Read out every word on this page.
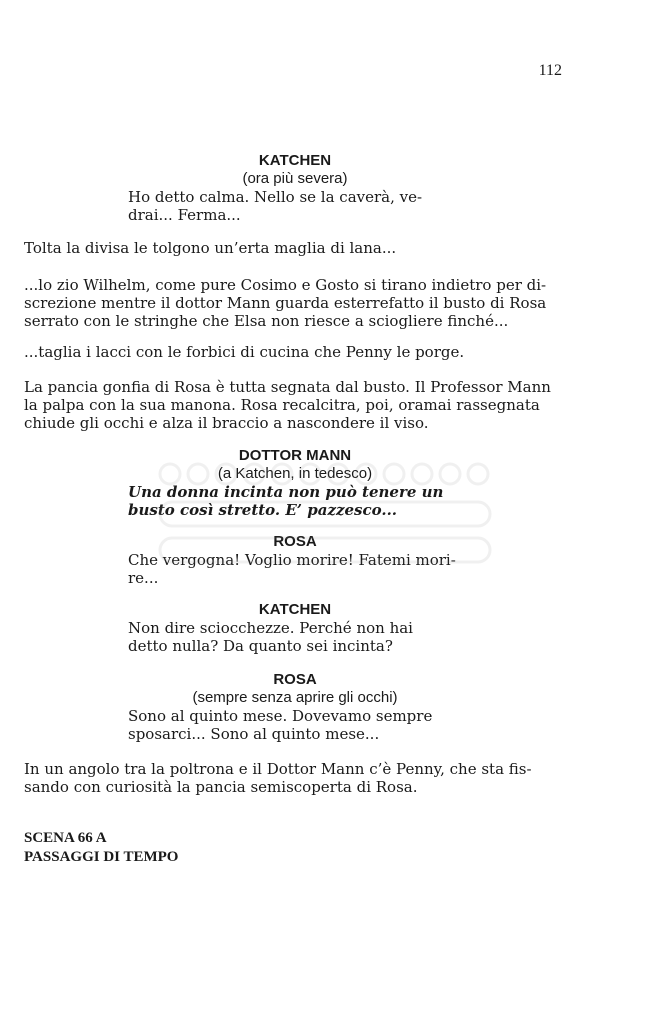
112

KATCHEN

(ora più severa)

Ho detto calma. Nello se la caverà, ve-

drai... Ferma...

Tolta la divisa le tolgono un’erta maglia di lana...

...lo zio Wilhelm, come pure Cosimo e Gosto si tirano indietro per di-

screzione mentre il dottor Mann guarda esterrefatto il busto di Rosa

serrato con le stringhe che Elsa non riesce a sciogliere finché...

...taglia i lacci con le forbici di cucina che Penny le porge.

La pancia gonfia di Rosa è tutta segnata dal busto. Il Professor Mann

la palpa con la sua manona. Rosa recalcitra, poi, oramai rassegnata

chiude gli occhi e alza il braccio a nascondere il viso.

DOTTOR MANN

(a Katchen, in tedesco)

Una donna incinta non può tenere un

busto così stretto. E’ pazzesco...

ROSA

Che vergogna! Voglio morire! Fatemi mori-

re...

KATCHEN

Non dire sciocchezze. Perché non hai

detto nulla? Da quanto sei incinta?

ROSA

(sempre senza aprire gli occhi)

Sono al quinto mese. Dovevamo sempre

sposarci... Sono al quinto mese...

In un angolo tra la poltrona e il Dottor Mann c’è Penny, che sta fis-

sando con curiosità la pancia semiscoperta di Rosa.

SCENA 66 A

PASSAGGI DI TEMPO
